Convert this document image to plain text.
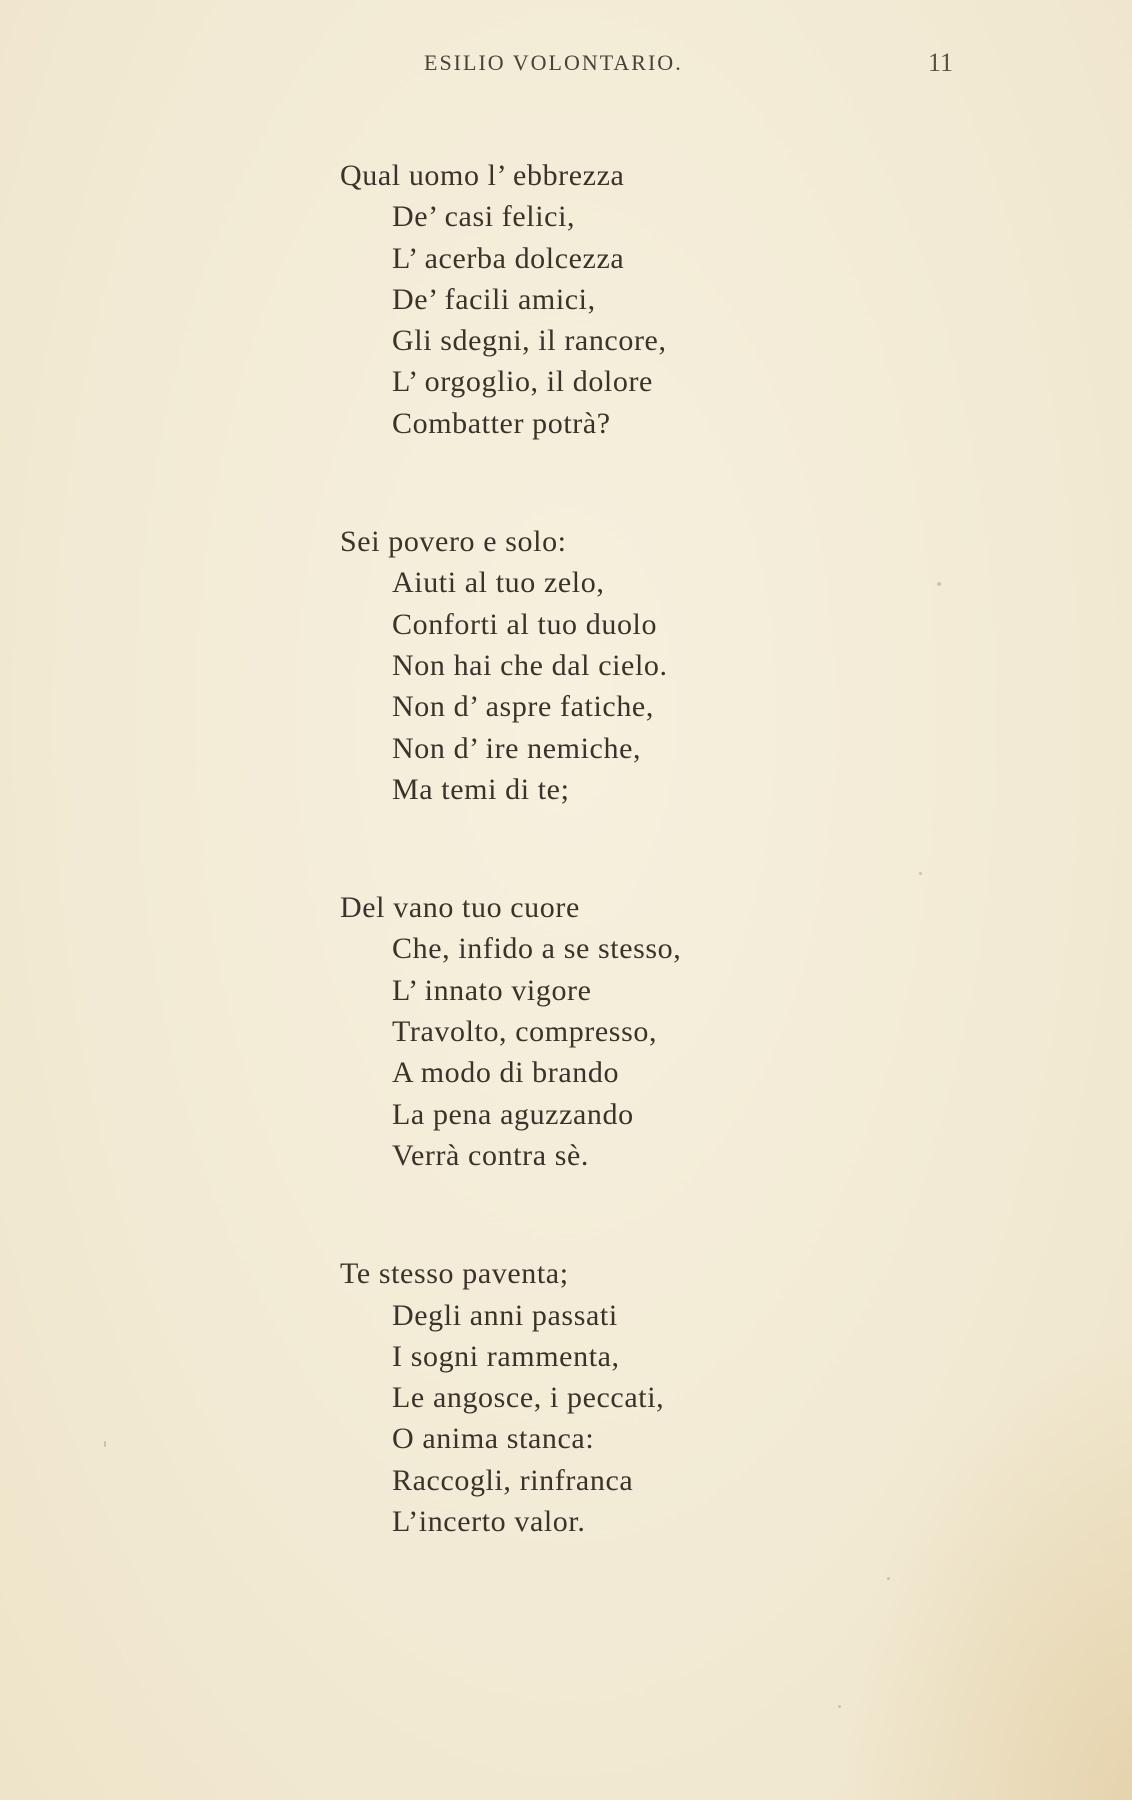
ESILIO VOLONTARIO.	11
Qual uomo l’ ebbrezza
De’ casi felici,
L’ acerba dolcezza
De’ facili amici,
Gli sdegni, il rancore,
L’ orgoglio, il dolore
Combatter potrà?
Sei povero e solo:
Aiuti al tuo zelo,
Conforti al tuo duolo
Non hai che dal cielo.
Non d’ aspre fatiche,
Non d’ ire nemiche,
Ma temi di te;
Del vano tuo cuore
Che, infido a se stesso,
L’ innato vigore
Travolto, compresso,
A modo di brando
La pena aguzzando
Verrà contra sè.
Te stesso paventa;
Degli anni passati
I sogni rammenta,
Le angosce, i peccati,
O anima stanca:
Raccogli, rinfranca
L’incerto valor.
